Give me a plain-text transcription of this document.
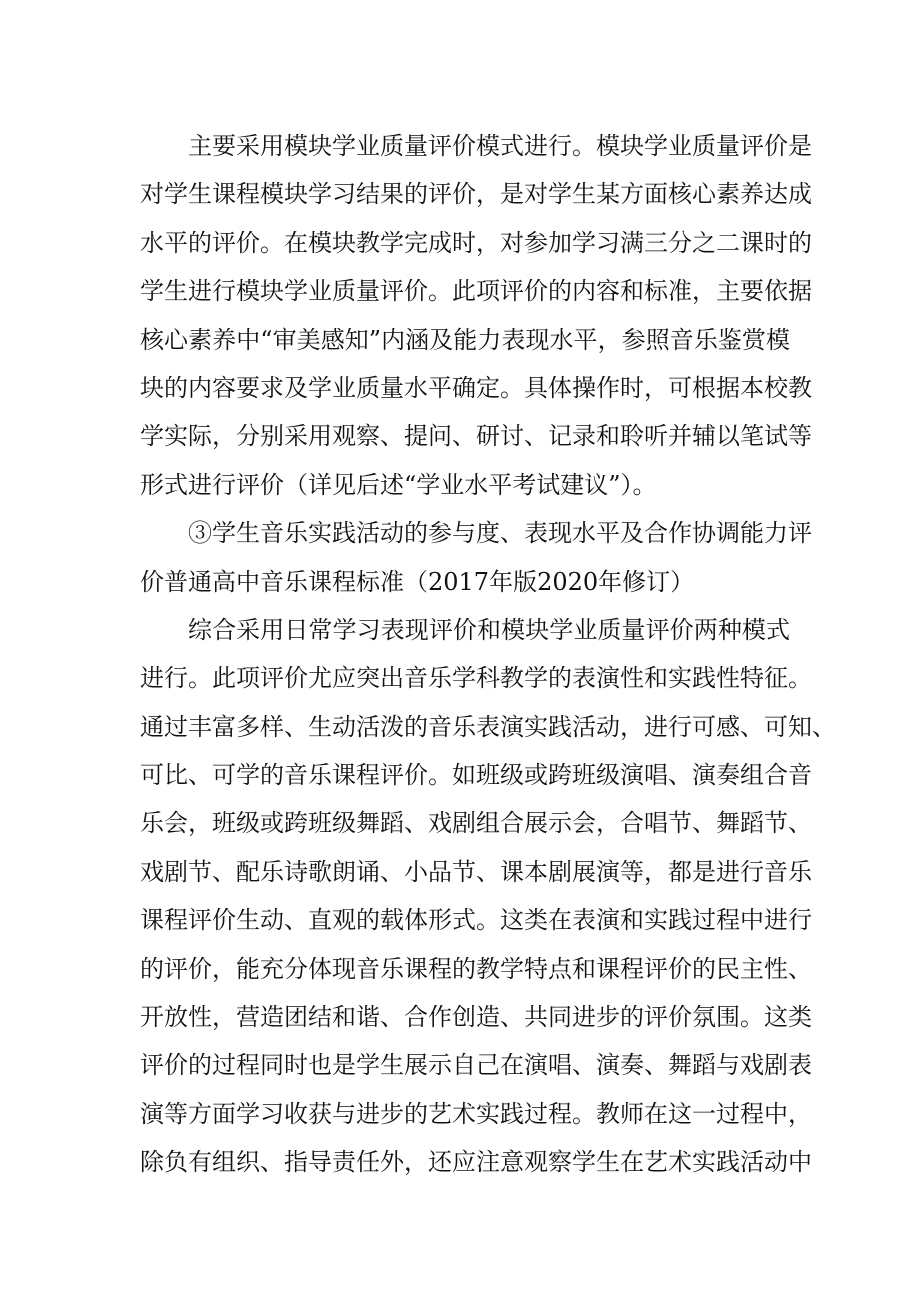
主要采用模块学业质量评价模式进行。模块学业质量评价是
对学生课程模块学习结果的评价，是对学生某方面核心素养达成
水平的评价。在模块教学完成时，对参加学习满三分之二课时的
学生进行模块学业质量评价。此项评价的内容和标准，主要依据
核心素养中“审美感知”内涵及能力表现水平，参照音乐鉴赏模
块的内容要求及学业质量水平确定。具体操作时，可根据本校教
学实际，分别采用观察、提问、研讨、记录和聆听并辅以笔试等
形式进行评价（详见后述“学业水平考试建议”）。
③学生音乐实践活动的参与度、表现水平及合作协调能力评
价普通高中音乐课程标准（2017年版2020年修订）
综合采用日常学习表现评价和模块学业质量评价两种模式
进行。此项评价尤应突出音乐学科教学的表演性和实践性特征。
通过丰富多样、生动活泼的音乐表演实践活动，进行可感、可知、
可比、可学的音乐课程评价。如班级或跨班级演唱、演奏组合音
乐会，班级或跨班级舞蹈、戏剧组合展示会，合唱节、舞蹈节、
戏剧节、配乐诗歌朗诵、小品节、课本剧展演等，都是进行音乐
课程评价生动、直观的载体形式。这类在表演和实践过程中进行
的评价，能充分体现音乐课程的教学特点和课程评价的民主性、
开放性，营造团结和谐、合作创造、共同进步的评价氛围。这类
评价的过程同时也是学生展示自己在演唱、演奏、舞蹈与戏剧表
演等方面学习收获与进步的艺术实践过程。教师在这一过程中，
除负有组织、指导责任外，还应注意观察学生在艺术实践活动中
